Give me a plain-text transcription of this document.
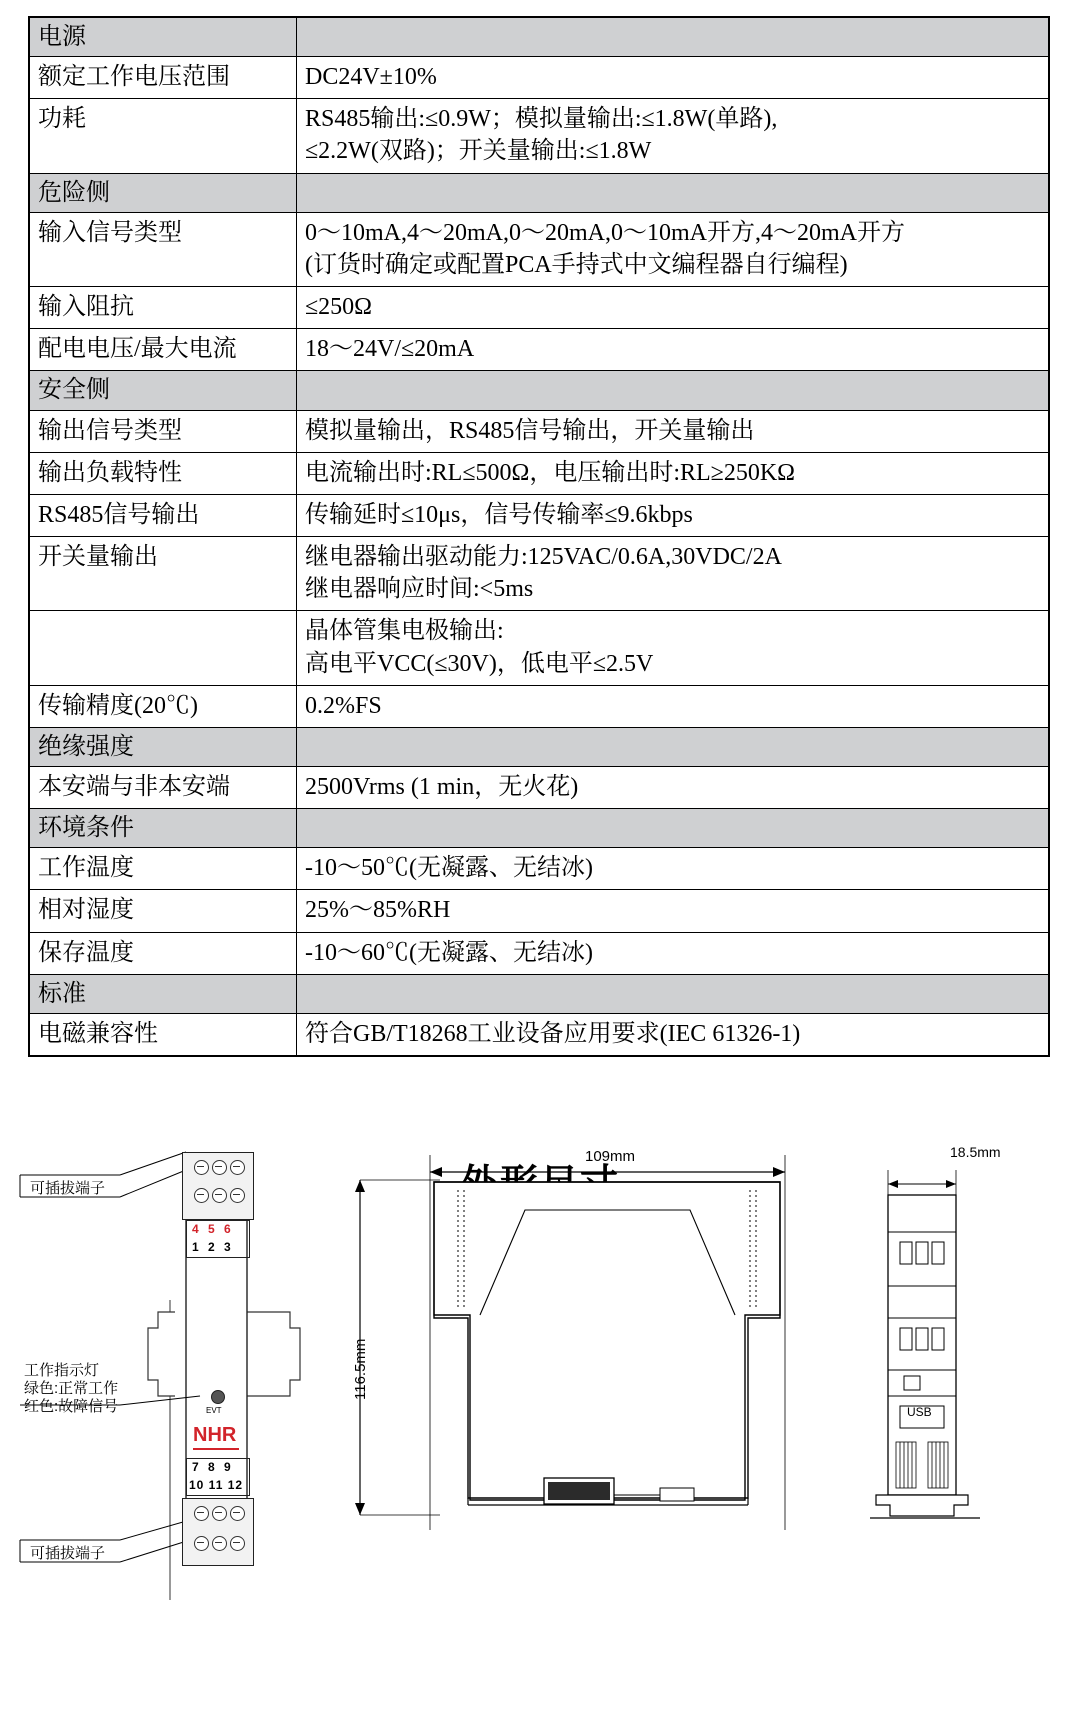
电源	
额定工作电压范围	DC24V±10%
功耗	RS485输出:≤0.9W；模拟量输出:≤1.8W(单路),
≤2.2W(双路)；开关量输出:≤1.8W

危险侧	
输入信号类型	0～10mA,4～20mA,0～20mA,0～10mA开方,4～20mA开方
(订货时确定或配置PCA手持式中文编程器自行编程)

输入阻抗	≤250Ω
配电电压/最大电流	18～24V/≤20mA
安全侧	
输出信号类型	模拟量输出，RS485信号输出，开关量输出
输出负载特性	电流输出时:RL≤500Ω，电压输出时:RL≥250KΩ
RS485信号输出	传输延时≤10μs，信号传输率≤9.6kbps
开关量输出	继电器输出驱动能力:125VAC/0.6A,30VDC/2A
继电器响应时间:<5ms

	晶体管集电极输出:
高电平VCC(≤30V)，低电平≤2.5V

传输精度(20℃)	0.2%FS
绝缘强度	
本安端与非本安端	2500Vrms (1 min，无火花)
环境条件	
工作温度	-10～50℃(无凝露、无结冰)
相对湿度	25%～85%RH
保存温度	-10～60℃(无凝露、无结冰)
标准	
电磁兼容性	符合GB/T18268工业设备应用要求(IEC 61326-1)
4 5 6
1 2 3
EVT
NHR
7 8 9
10 11 12
可插拔端子
工作指示灯
绿色:正常工作
红色:故障信号
可插拔端子
109mm
116.5mm
18.5mm
USB
